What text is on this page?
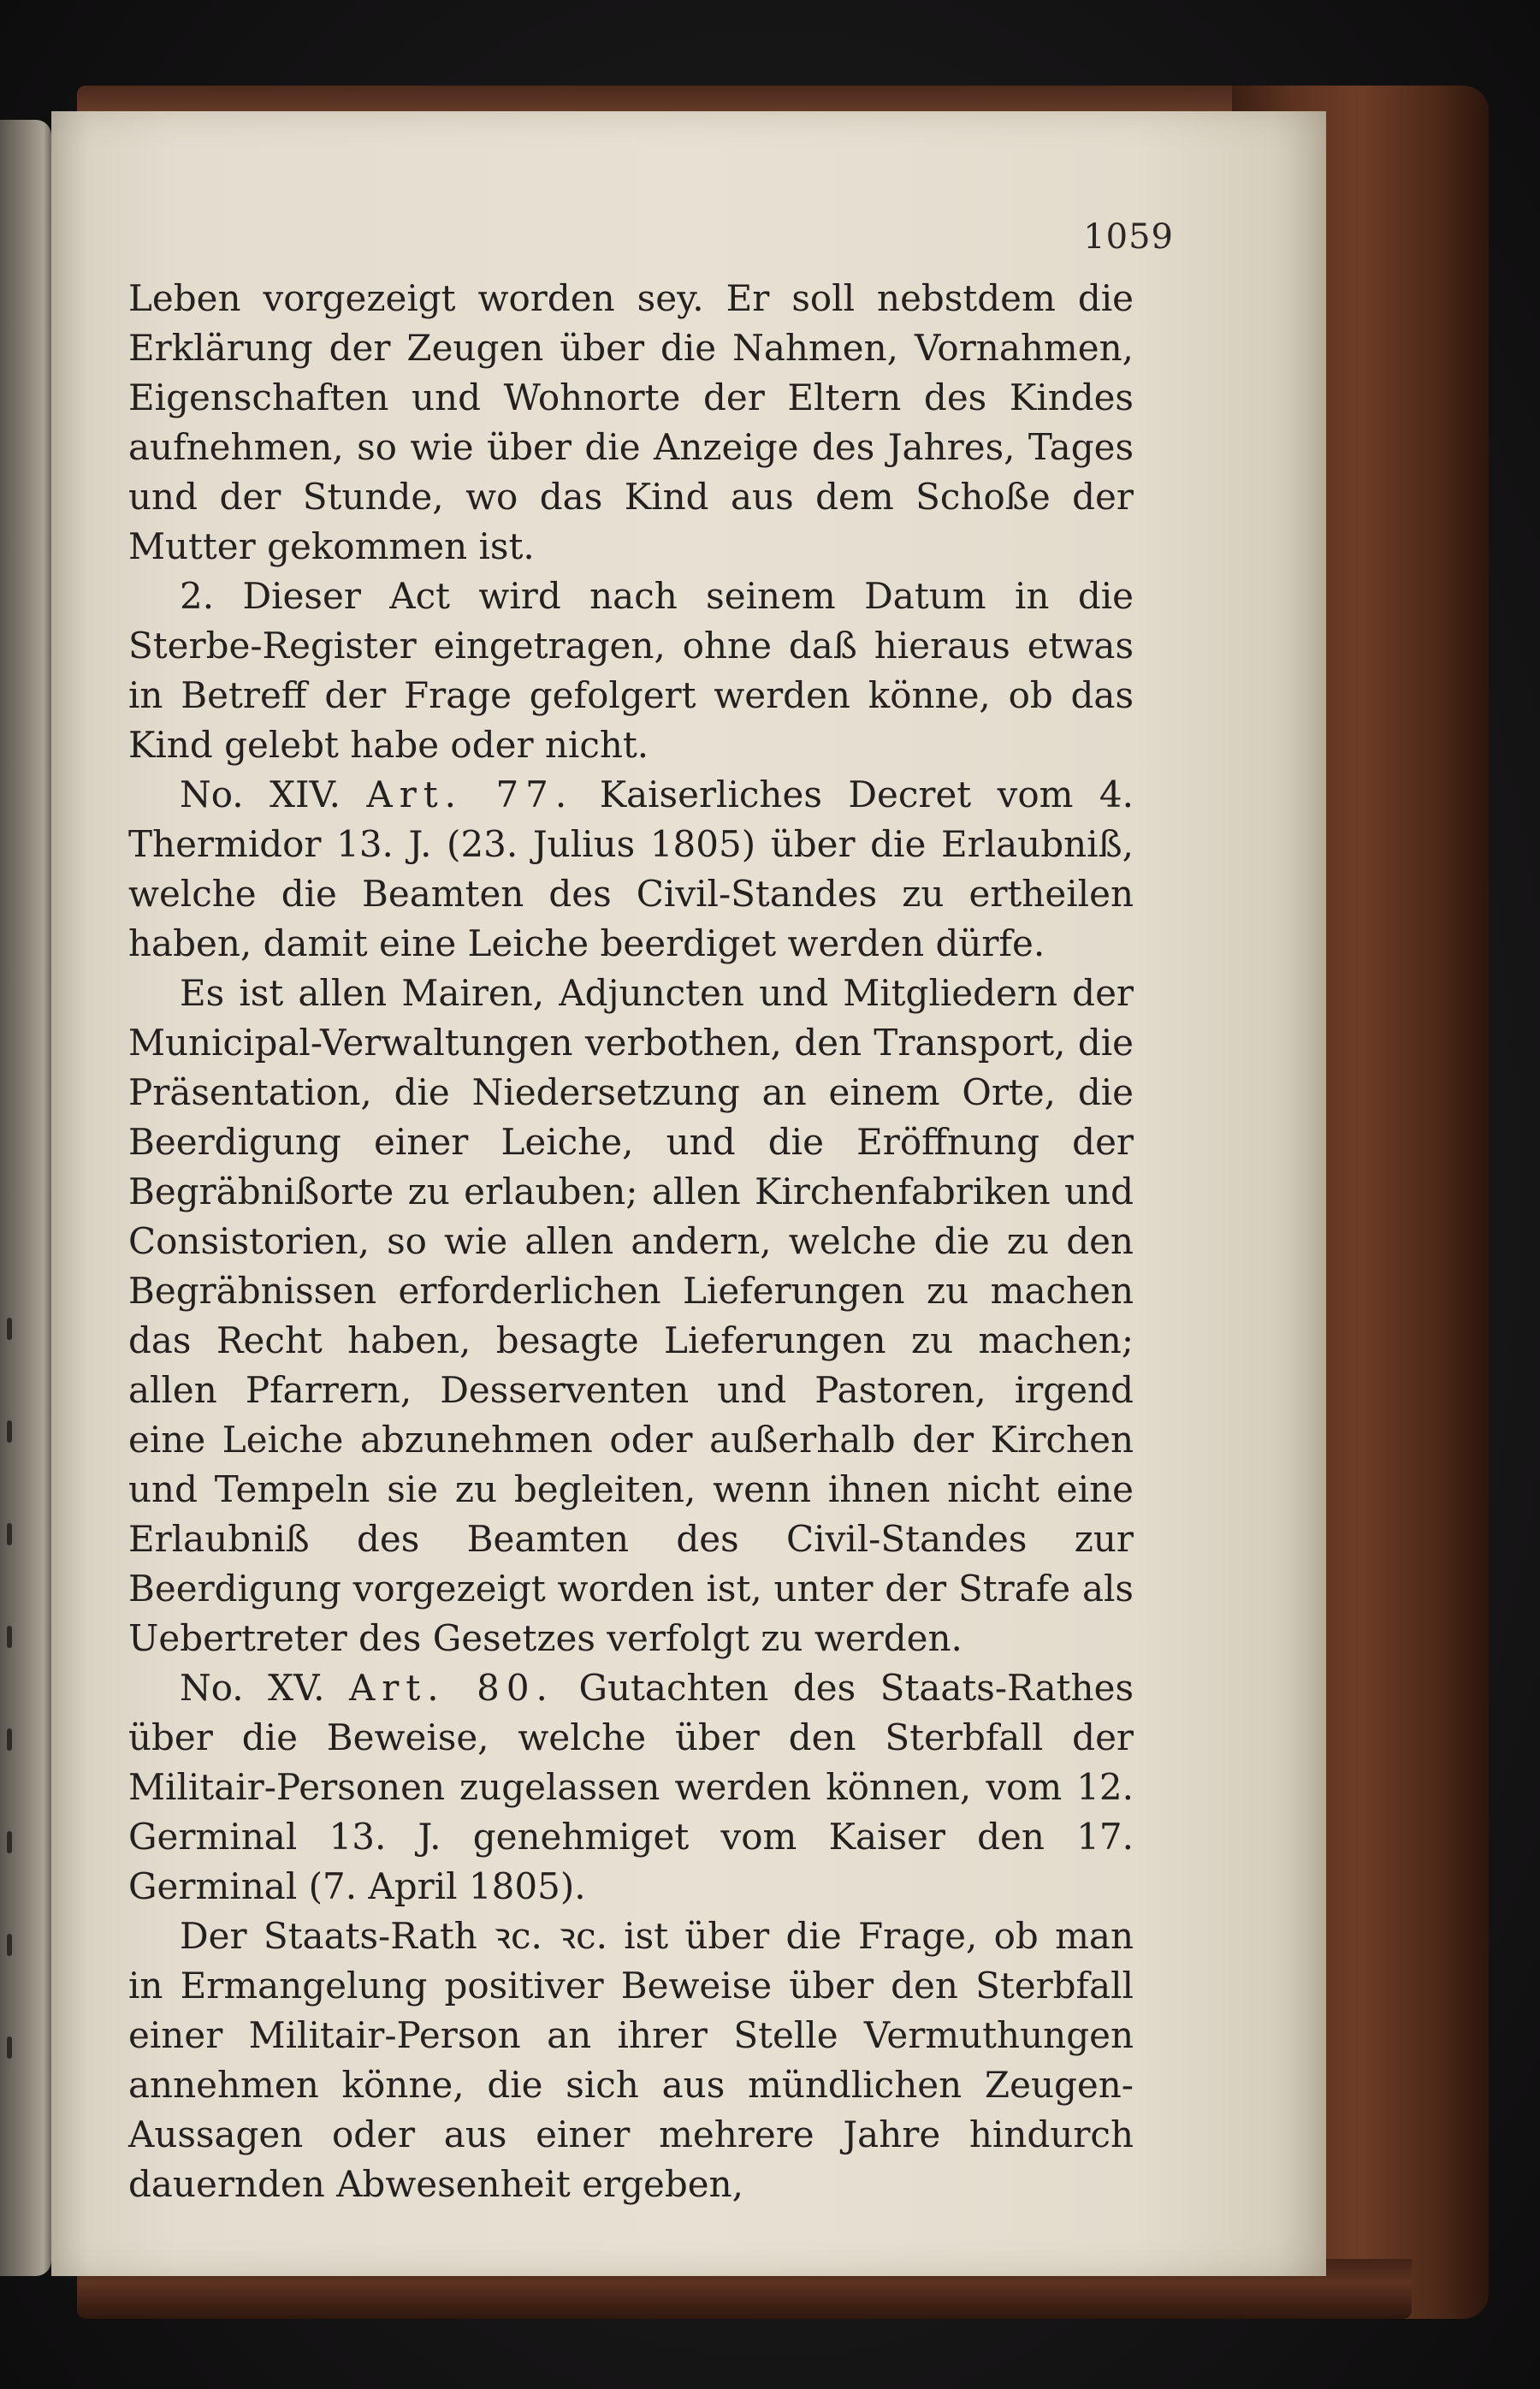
1059

Leben vorgezeigt worden sey. Er soll nebstdem die Erklärung der Zeugen über die Nahmen, Vornahmen, Eigenschaften und Wohnorte der Eltern des Kindes aufnehmen, so wie über die Anzeige des Jahres, Tages und der Stunde, wo das Kind aus dem Schoße der Mutter gekommen ist.

2. Dieser Act wird nach seinem Datum in die Sterbe-Register eingetragen, ohne daß hieraus etwas in Betreff der Frage gefolgert werden könne, ob das Kind gelebt habe oder nicht.

No. XIV. Art. 77. Kaiserliches Decret vom 4. Thermidor 13. J. (23. Julius 1805) über die Erlaubniß, welche die Beamten des Civil-Standes zu ertheilen haben, damit eine Leiche beerdiget werden dürfe.

Es ist allen Mairen, Adjuncten und Mitgliedern der Municipal-Verwaltungen verbothen, den Transport, die Präsentation, die Niedersetzung an einem Orte, die Beerdigung einer Leiche, und die Eröffnung der Begräbnißorte zu erlauben; allen Kirchenfabriken und Consistorien, so wie allen andern, welche die zu den Begräbnissen erforderlichen Lieferungen zu machen das Recht haben, besagte Lieferungen zu machen; allen Pfarrern, Desserventen und Pastoren, irgend eine Leiche abzunehmen oder außerhalb der Kirchen und Tempeln sie zu begleiten, wenn ihnen nicht eine Erlaubniß des Beamten des Civil-Standes zur Beerdigung vorgezeigt worden ist, unter der Strafe als Uebertreter des Gesetzes verfolgt zu werden.

No. XV. Art. 80. Gutachten des Staats-Rathes über die Beweise, welche über den Sterbfall der Militair-Personen zugelassen werden können, vom 12. Germinal 13. J. genehmiget vom Kaiser den 17. Germinal (7. April 1805).

Der Staats-Rath ꝛc. ꝛc. ist über die Frage, ob man in Ermangelung positiver Beweise über den Sterbfall einer Militair-Person an ihrer Stelle Vermuthungen annehmen könne, die sich aus mündlichen Zeugen-Aussagen oder aus einer mehrere Jahre hindurch dauernden Abwesenheit ergeben,
